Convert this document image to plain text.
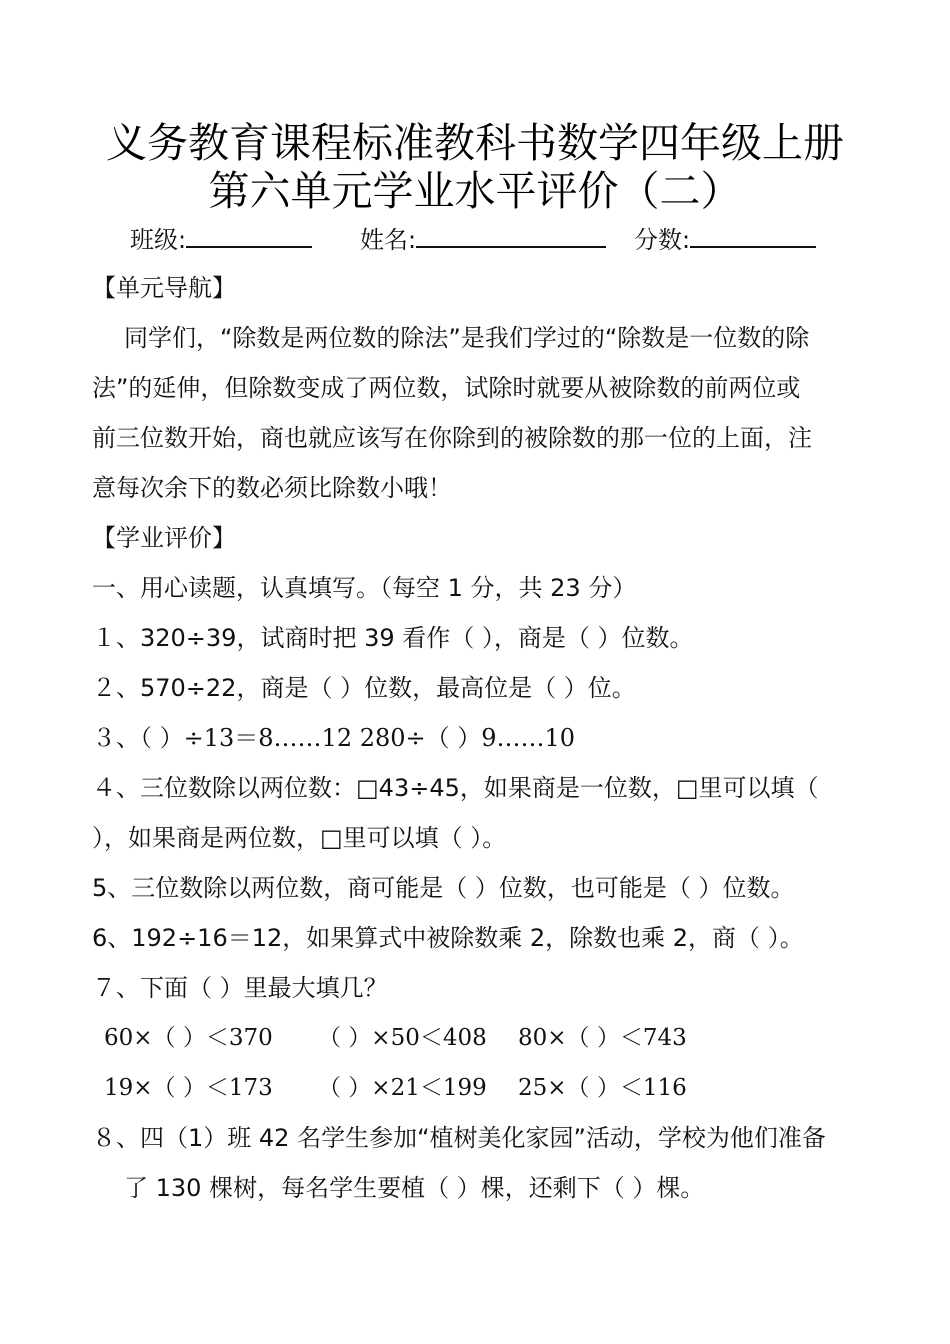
义务教育课程标准教科书数学四年级上册
第六单元学业水平评价（二）
班级:	姓名:	分数:
【单元导航】
同学们，“除数是两位数的除法”是我们学过的“除数是一位数的除
法”的延伸，但除数变成了两位数，试除时就要从被除数的前两位或
前三位数开始，商也就应该写在你除到的被除数的那一位的上面，注
意每次余下的数必须比除数小哦！
【学业评价】
一、用心读题，认真填写。（每空 1 分，共 23 分）
１、320÷39，试商时把 39 看作（ ），商是（ ）位数。
２、570÷22，商是（ ）位数，最高位是（ ）位。
３、（ ）÷13＝8……12 280÷（ ）9……10
４、三位数除以两位数：□43÷45，如果商是一位数，□里可以填（
），如果商是两位数，□里可以填（ ）。
5、三位数除以两位数，商可能是（ ）位数，也可能是（ ）位数。
6、192÷16＝12，如果算式中被除数乘 2，除数也乘 2，商（ ）。
７、下面（ ）里最大填几？
60×（ ）＜370 （ ）×50＜408 80×（ ）＜743
19×（ ）＜173 （ ）×21＜199 25×（ ）＜116
８、四（1）班 42 名学生参加“植树美化家园”活动，学校为他们准备
了 130 棵树，每名学生要植（ ）棵，还剩下（ ）棵。
